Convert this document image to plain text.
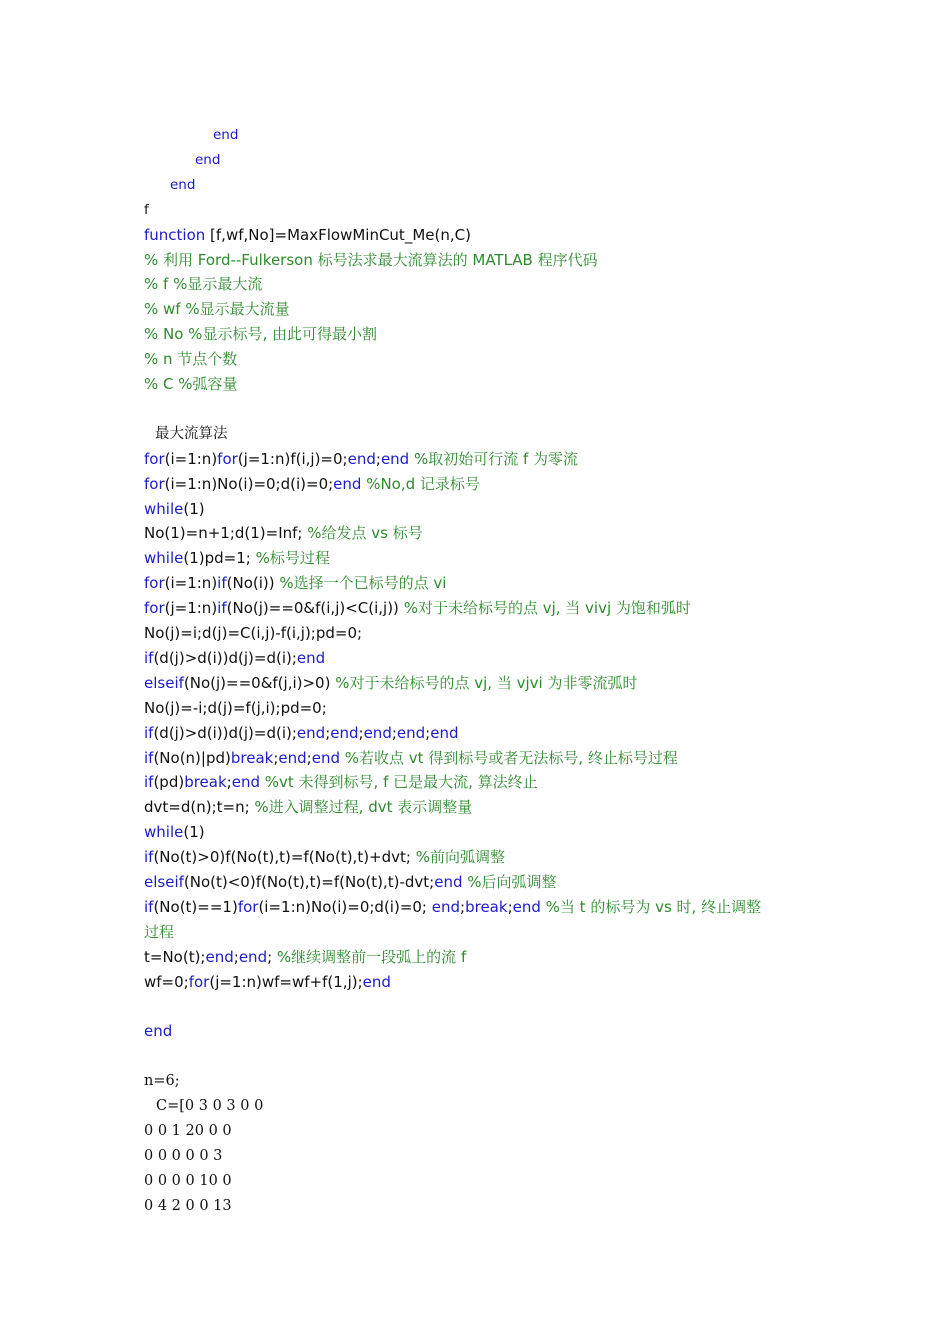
end
end
end
f
function [f,wf,No]=MaxFlowMinCut_Me(n,C)
% 利用 Ford--Fulkerson 标号法求最大流算法的 MATLAB 程序代码
% f %显示最大流
% wf %显示最大流量
% No %显示标号, 由此可得最小割
% n 节点个数
% C %弧容量
最大流算法
for(i=1:n)for(j=1:n)f(i,j)=0;end;end %取初始可行流 f 为零流
for(i=1:n)No(i)=0;d(i)=0;end %No,d 记录标号
while(1)
No(1)=n+1;d(1)=Inf; %给发点 vs 标号
while(1)pd=1; %标号过程
for(i=1:n)if(No(i)) %选择一个已标号的点 vi
for(j=1:n)if(No(j)==0&f(i,j)<C(i,j)) %对于未给标号的点 vj, 当 vivj 为饱和弧时
No(j)=i;d(j)=C(i,j)-f(i,j);pd=0;
if(d(j)>d(i))d(j)=d(i);end
elseif(No(j)==0&f(j,i)>0) %对于未给标号的点 vj, 当 vjvi 为非零流弧时
No(j)=-i;d(j)=f(j,i);pd=0;
if(d(j)>d(i))d(j)=d(i);end;end;end;end;end
if(No(n)|pd)break;end;end %若收点 vt 得到标号或者无法标号, 终止标号过程
if(pd)break;end %vt 未得到标号, f 已是最大流, 算法终止
dvt=d(n);t=n; %进入调整过程, dvt 表示调整量
while(1)
if(No(t)>0)f(No(t),t)=f(No(t),t)+dvt; %前向弧调整
elseif(No(t)<0)f(No(t),t)=f(No(t),t)-dvt;end %后向弧调整
if(No(t)==1)for(i=1:n)No(i)=0;d(i)=0; end;break;end %当 t 的标号为 vs 时, 终止调整
过程
t=No(t);end;end; %继续调整前一段弧上的流 f
wf=0;for(j=1:n)wf=wf+f(1,j);end
end
n=6;
C=[0 3 0 3 0 0
0 0 1 20 0 0
0 0 0 0 0 3
0 0 0 0 10 0
0 4 2 0 0 13
